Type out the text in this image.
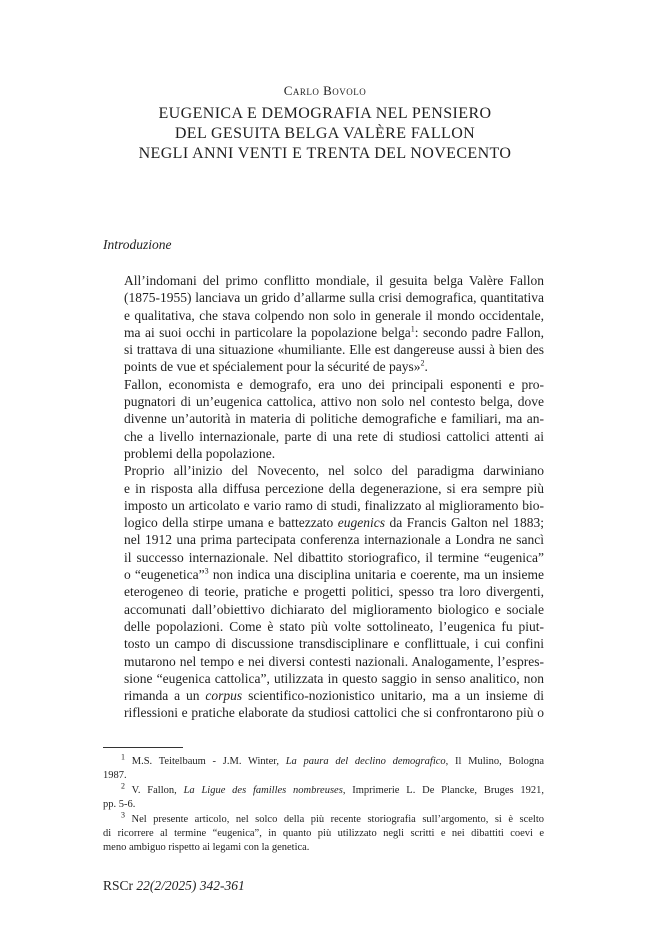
Carlo Bovolo
EUGENICA E DEMOGRAFIA NEL PENSIERO
DEL GESUITA BELGA VALÈRE FALLON
NEGLI ANNI VENTI E TRENTA DEL NOVECENTO
Introduzione

All’indomani del primo conflitto mondiale, il gesuita belga Valère Fallon
(1875-1955) lanciava un grido d’allarme sulla crisi demografica, quantitativa
e qualitativa, che stava colpendo non solo in generale il mondo occidentale,
ma ai suoi occhi in particolare la popolazione belga$^1$: secondo padre Fallon,
si trattava di una situazione «humiliante. Elle est dangereuse aussi à bien des
points de vue et spécialement pour la sécurité de pays»$^2$.

Fallon, economista e demografo, era uno dei principali esponenti e pro-
pugnatori di un’eugenica cattolica, attivo non solo nel contesto belga, dove
divenne un’autorità in materia di politiche demografiche e familiari, ma an-
che a livello internazionale, parte di una rete di studiosi cattolici attenti ai
problemi della popolazione.

Proprio all’inizio del Novecento, nel solco del paradigma darwiniano
e in risposta alla diffusa percezione della degenerazione, si era sempre più
imposto un articolato e vario ramo di studi, finalizzato al miglioramento bio-
logico della stirpe umana e battezzato eugenics da Francis Galton nel 1883;
nel 1912 una prima partecipata conferenza internazionale a Londra ne sancì
il successo internazionale. Nel dibattito storiografico, il termine “eugenica”
o “eugenetica”$^3$ non indica una disciplina unitaria e coerente, ma un insieme
eterogeneo di teorie, pratiche e progetti politici, spesso tra loro divergenti,
accomunati dall’obiettivo dichiarato del miglioramento biologico e sociale
delle popolazioni. Come è stato più volte sottolineato, l’eugenica fu piut-
tosto un campo di discussione transdisciplinare e conflittuale, i cui confini
mutarono nel tempo e nei diversi contesti nazionali. Analogamente, l’espres-
sione “eugenica cattolica”, utilizzata in questo saggio in senso analitico, non
rimanda a un corpus scientifico-nozionistico unitario, ma a un insieme di
riflessioni e pratiche elaborate da studiosi cattolici che si confrontarono più o

$^1$ M.S. Teitelbaum - J.M. Winter, La paura del declino demografico, Il Mulino, Bologna
1987.
$^2$ V. Fallon, La Ligue des familles nombreuses, Imprimerie L. De Plancke, Bruges 1921,
pp. 5-6.
$^3$ Nel presente articolo, nel solco della più recente storiografia sull’argomento, si è scelto
di ricorrere al termine “eugenica”, in quanto più utilizzato negli scritti e nei dibattiti coevi e
meno ambiguo rispetto ai legami con la genetica.
RSCr 22(2/2025) 342-361
